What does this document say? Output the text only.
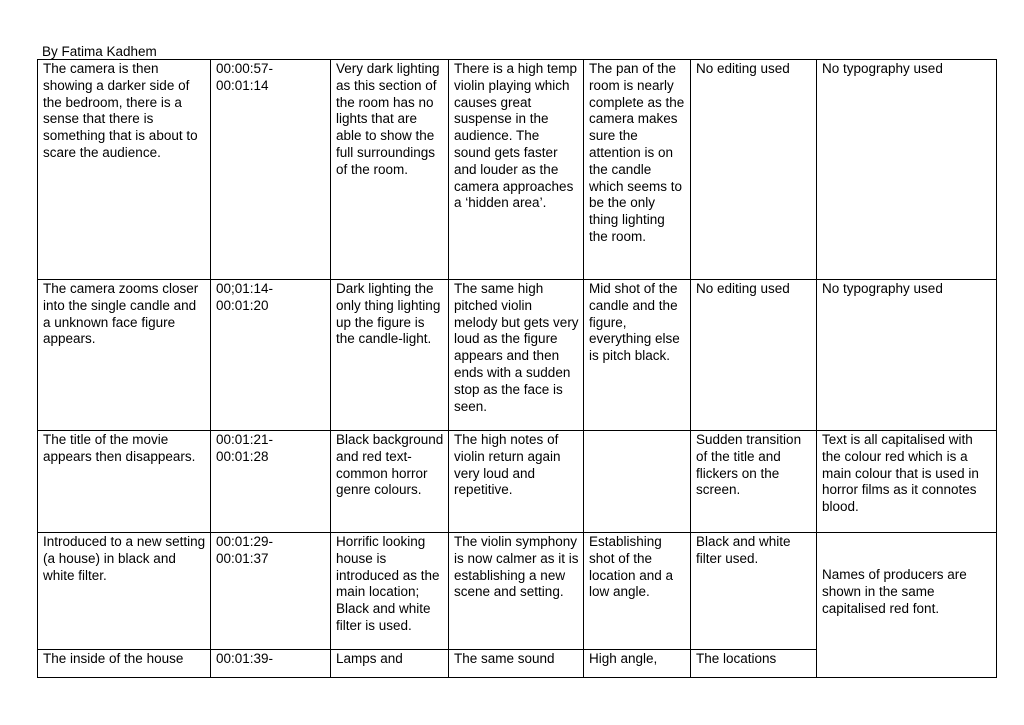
By Fatima Kadhem
The camera is then showing a darker side of the bedroom, there is a sense that there is something that is about to scare the audience.	00:00:57- 00:01:14	Very dark lighting as this section of the room has no lights that are able to show the full surroundings of the room.	There is a high temp violin playing which causes great suspense in the audience. The sound gets faster and louder as the camera approaches a ‘hidden area’.	The pan of the room is nearly complete as the camera makes sure the attention is on the candle which seems to be the only thing lighting the room.	No editing used	No typography used
The camera zooms closer into the single candle and a unknown face figure appears.	00;01:14- 00:01:20	Dark lighting the only thing lighting up the figure is the candle-light.	The same high pitched violin melody but gets very loud as the figure appears and then ends with a sudden stop as the face is seen.	Mid shot of the candle and the figure, everything else is pitch black.	No editing used	No typography used
The title of the movie appears then disappears.	00:01:21- 00:01:28	Black background and red text- common horror genre colours.	The high notes of violin return again very loud and repetitive.		Sudden transition of the title and flickers on the screen.	Text is all capitalised with the colour red which is a main colour that is used in horror films as it connotes blood.
Introduced to a new setting (a house) in black and white filter.	00:01:29- 00:01:37	Horrific looking house is introduced as the main location; Black and white filter is used.	The violin symphony is now calmer as it is establishing a new scene and setting.	Establishing shot of the location and a low angle.	Black and white filter used.	Names of producers are shown in the same capitalised red font.

The inside of the house	00:01:39-	Lamps and	The same sound	High angle,	The locations	
